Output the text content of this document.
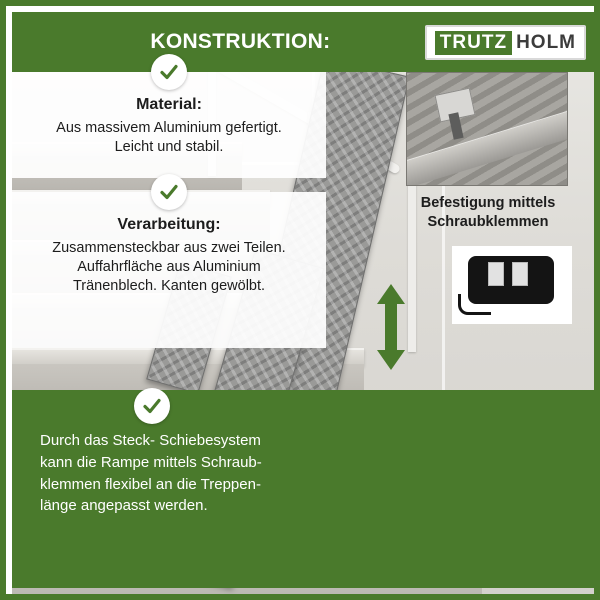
KONSTRUKTION:	TRUTZ HOLM

Material:

Aus massivem Aluminium gefertigt.

Leicht und stabil.

Verarbeitung:

Zusammensteckbar aus zwei Teilen.

Auffahrfläche aus Aluminium

Tränenblech. Kanten gewölbt.

Durch das Steck- Schiebesystem

kann die Rampe mittels Schraub-

klemmen flexibel an die Treppen-

länge angepasst werden.

Befestigung mittels
Schraubklemmen
